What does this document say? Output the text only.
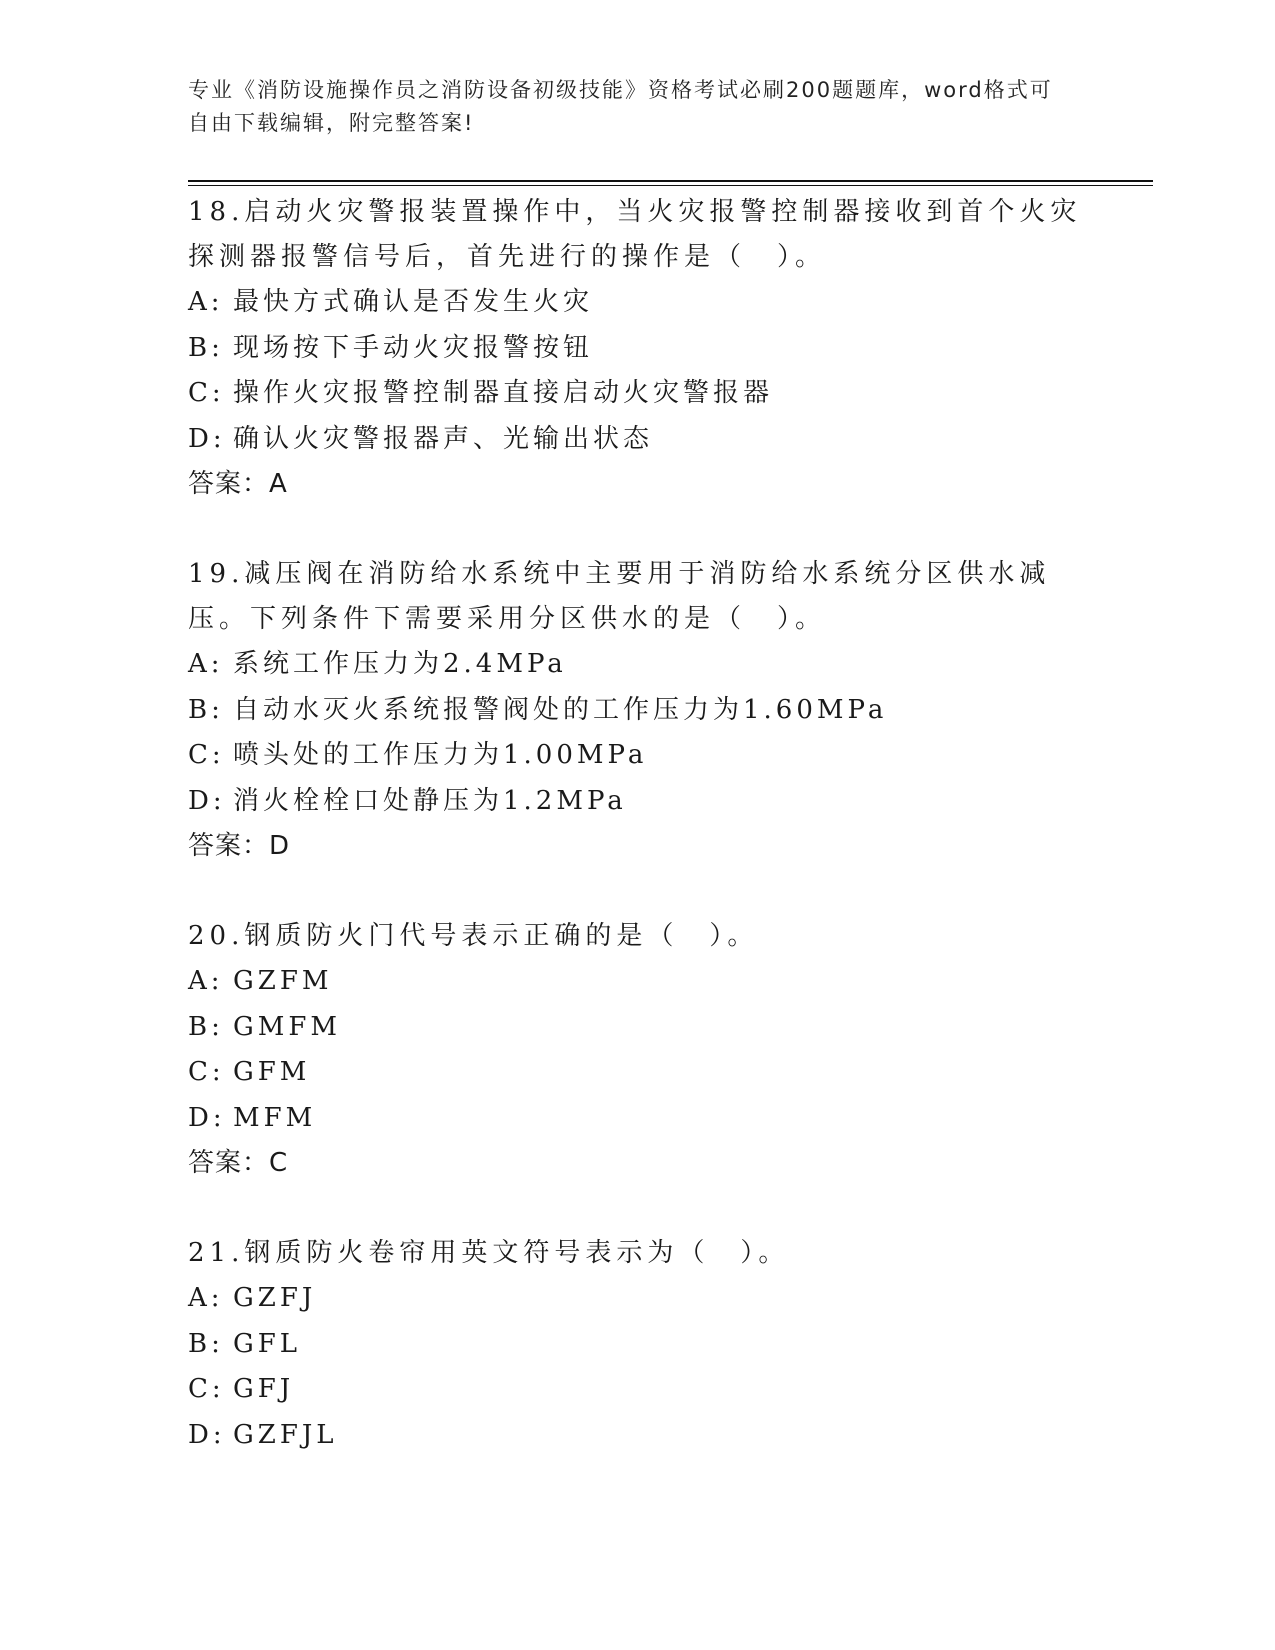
专业《消防设施操作员之消防设备初级技能》资格考试必刷200题题库，word格式可自由下载编辑，附完整答案!

18.启动火灾警报装置操作中，当火灾报警控制器接收到首个火灾探测器报警信号后，首先进行的操作是（　）。

A: 最快方式确认是否发生火灾
B: 现场按下手动火灾报警按钮
C: 操作火灾报警控制器直接启动火灾警报器
D: 确认火灾警报器声、光输出状态
答案： A

19.减压阀在消防给水系统中主要用于消防给水系统分区供水减压。下列条件下需要采用分区供水的是（　）。

A: 系统工作压力为2.4MPa
B: 自动水灭火系统报警阀处的工作压力为1.60MPa
C: 喷头处的工作压力为1.00MPa
D: 消火栓栓口处静压为1.2MPa
答案： D

20.钢质防火门代号表示正确的是（　）。

A: GZFM
B: GMFM
C: GFM
D: MFM
答案： C

21.钢质防火卷帘用英文符号表示为（　）。

A: GZFJ
B: GFL
C: GFJ
D: GZFJL
